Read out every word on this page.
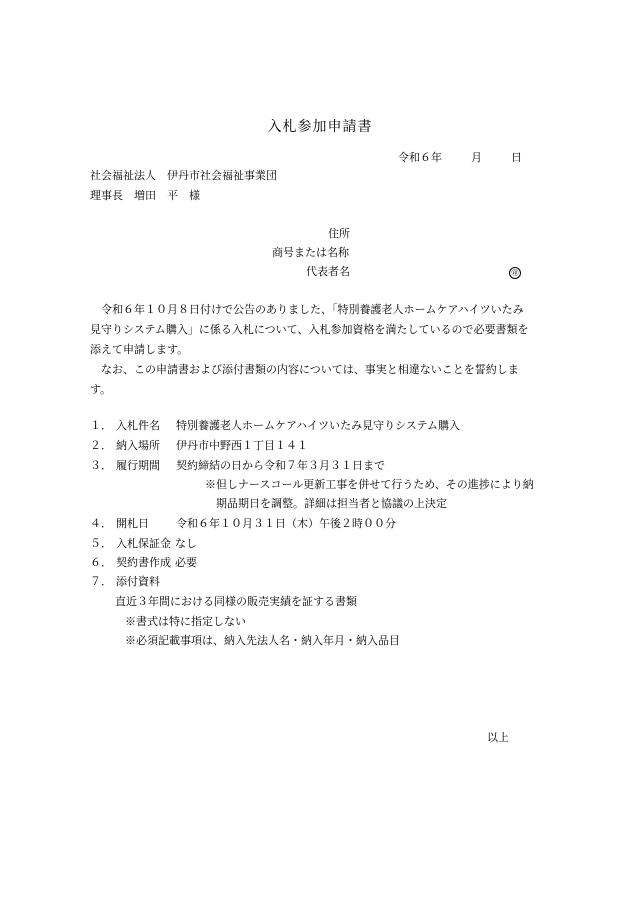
入札参加申請書
令和６年	月	日
社会福祉法人　伊丹市社会福祉事業団
理事長　増田　平　様
住所
商号または名称
代表者名	㊞
令和６年１０月８日付けで公告のありました、「特別養護老人ホームケアハイツいたみ
見守りシステム購入」に係る入札について、入札参加資格を満たしているので必要書類を
添えて申請します。
なお、この申請書および添付書類の内容については、事実と相違ないことを誓約しま
す。
１． 入札件名 特別養護老人ホームケアハイツいたみ見守りシステム購入
２． 納入場所 伊丹市中野西１丁目１４１
３． 履行期間 契約締結の日から令和７年３月３１日まで
※但しナースコール更新工事を併せて行うため、その進捗により納
期品期日を調整。詳細は担当者と協議の上決定
４． 開札日 令和６年１０月３１日（木）午後２時００分
５． 入札保証金 なし
６． 契約書作成 必要
７． 添付資料
直近３年間における同様の販売実績を証する書類
※書式は特に指定しない
※必須記載事項は、納入先法人名・納入年月・納入品目
以上
